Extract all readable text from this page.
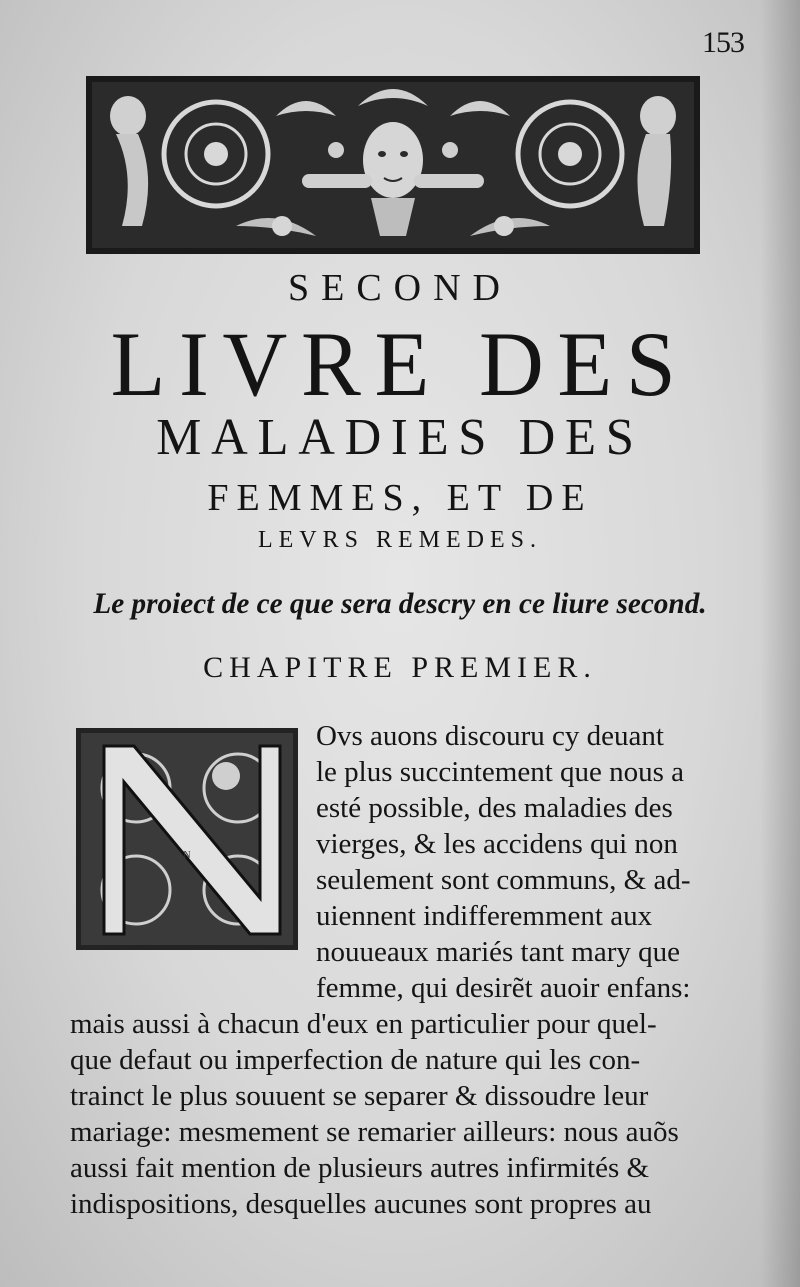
153
SECOND
LIVRE DES
MALADIES DES
FEMMES, ET DE
LEVRS REMEDES.
Le proiect de ce que sera descry en ce liure second.
CHAPITRE PREMIER.
N
Ovs auons discouru cy deuant
le plus succintement que nous a
esté possible, des maladies des
vierges, & les accidens qui non
seulement sont communs, & ad-
uiennent indifferemment aux
nouueaux mariés tant mary que
femme, qui desirẽt auoir enfans:
mais aussi à chacun d'eux en particulier pour quel-
que defaut ou imperfection de nature qui les con-
trainct le plus souuent se separer & dissoudre leur
mariage: mesmement se remarier ailleurs: nous auõs
aussi fait mention de plusieurs autres infirmités &
indispositions, desquelles aucunes sont propres au
